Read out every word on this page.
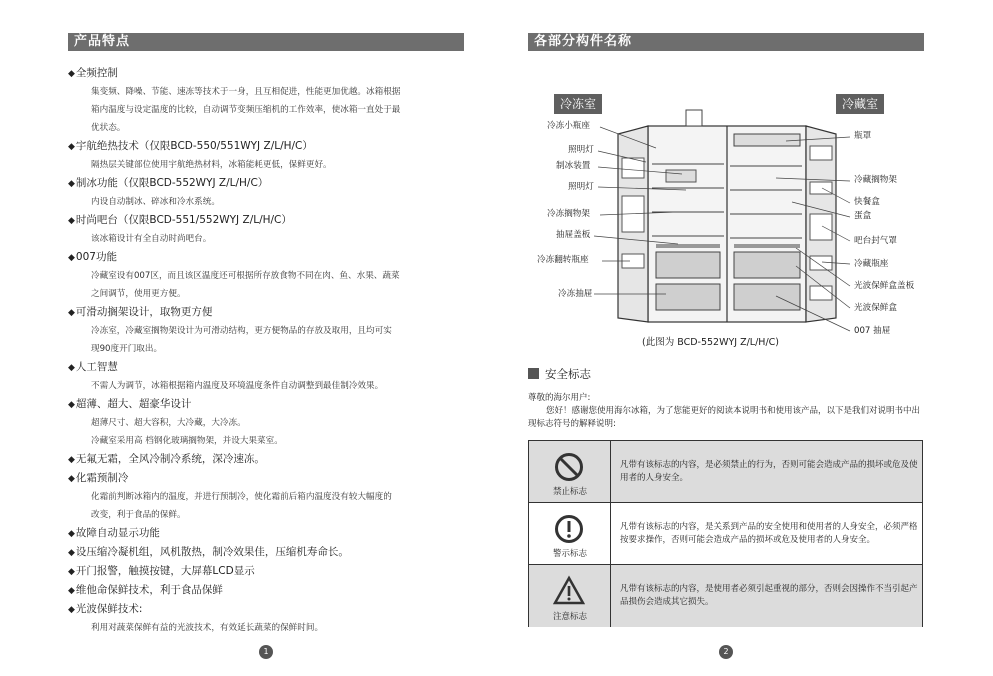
产品特点
◆全频控制

集变频、降噪、节能、速冻等技术于一身，且互相促进，性能更加优越。冰箱根据

箱内温度与设定温度的比较，自动调节变频压缩机的工作效率，使冰箱一直处于最

优状态。

◆宇航绝热技术（仅限BCD-550/551WYJ Z/L/H/C）

隔热层关键部位使用宇航绝热材料，冰箱能耗更低，保鲜更好。

◆制冰功能（仅限BCD-552WYJ Z/L/H/C）

内设自动制冰、碎冰和冷水系统。

◆时尚吧台（仅限BCD-551/552WYJ Z/L/H/C）

该冰箱设计有全自动时尚吧台。

◆007功能

冷藏室设有007区，而且该区温度还可根据所存放食物不同在肉、鱼、水果、蔬菜

之间调节，使用更方便。

◆可滑动搁架设计，取物更方便

冷冻室，冷藏室搁物架设计为可滑动结构，更方便物品的存放及取用，且均可实

现90度开门取出。

◆人工智慧

不需人为调节，冰箱根据箱内温度及环境温度条件自动调整到最佳制冷效果。

◆超薄、超大、超豪华设计

超薄尺寸、超大容积，大冷藏，大冷冻。

冷藏室采用高 档钢化玻璃搁物架，并设大果菜室。

◆无氟无霜，全风冷制冷系统，深冷速冻。
◆化霜预制冷

化霜前判断冰箱内的温度，并进行预制冷，使化霜前后箱内温度没有较大幅度的

改变，利于食品的保鲜。

◆故障自动显示功能
◆设压缩冷凝机组，风机散热，制冷效果佳，压缩机寿命长。
◆开门报警，触摸按键，大屏幕LCD显示
◆维他命保鲜技术，利于食品保鲜
◆光波保鲜技术:

利用对蔬菜保鲜有益的光波技术，有效延长蔬菜的保鲜时间。

1
各部分构件名称
冷冻室	冷藏室
冷冻小瓶座
照明灯
制冰装置
照明灯
冷冻搁物架
抽屉盖板
冷冻翻转瓶座
冷冻抽屉
瓶罩
冷藏搁物架
快餐盒
蛋盒
吧台封气罩
冷藏瓶座
光波保鲜盒盖板
光波保鲜盒
007 抽屉
(此图为 BCD-552WYJ Z/L/H/C)
安全标志
尊敬的海尔用户:
您好！感谢您使用海尔冰箱，为了您能更好的阅读本说明书和使用该产品，以下是我们对说明书中出现标志符号的解释说明:
禁止标志
凡带有该标志的内容，是必须禁止的行为，否则可能会造成产品的损坏或危及使用者的人身安全。
警示标志
凡带有该标志的内容，是关系到产品的安全使用和使用者的人身安全，必须严格按要求操作，否则可能会造成产品的损坏或危及使用者的人身安全。
注意标志
凡带有该标志的内容，是使用者必须引起重视的部分，否则会因操作不当引起产品损伤会造成其它损失。
2
